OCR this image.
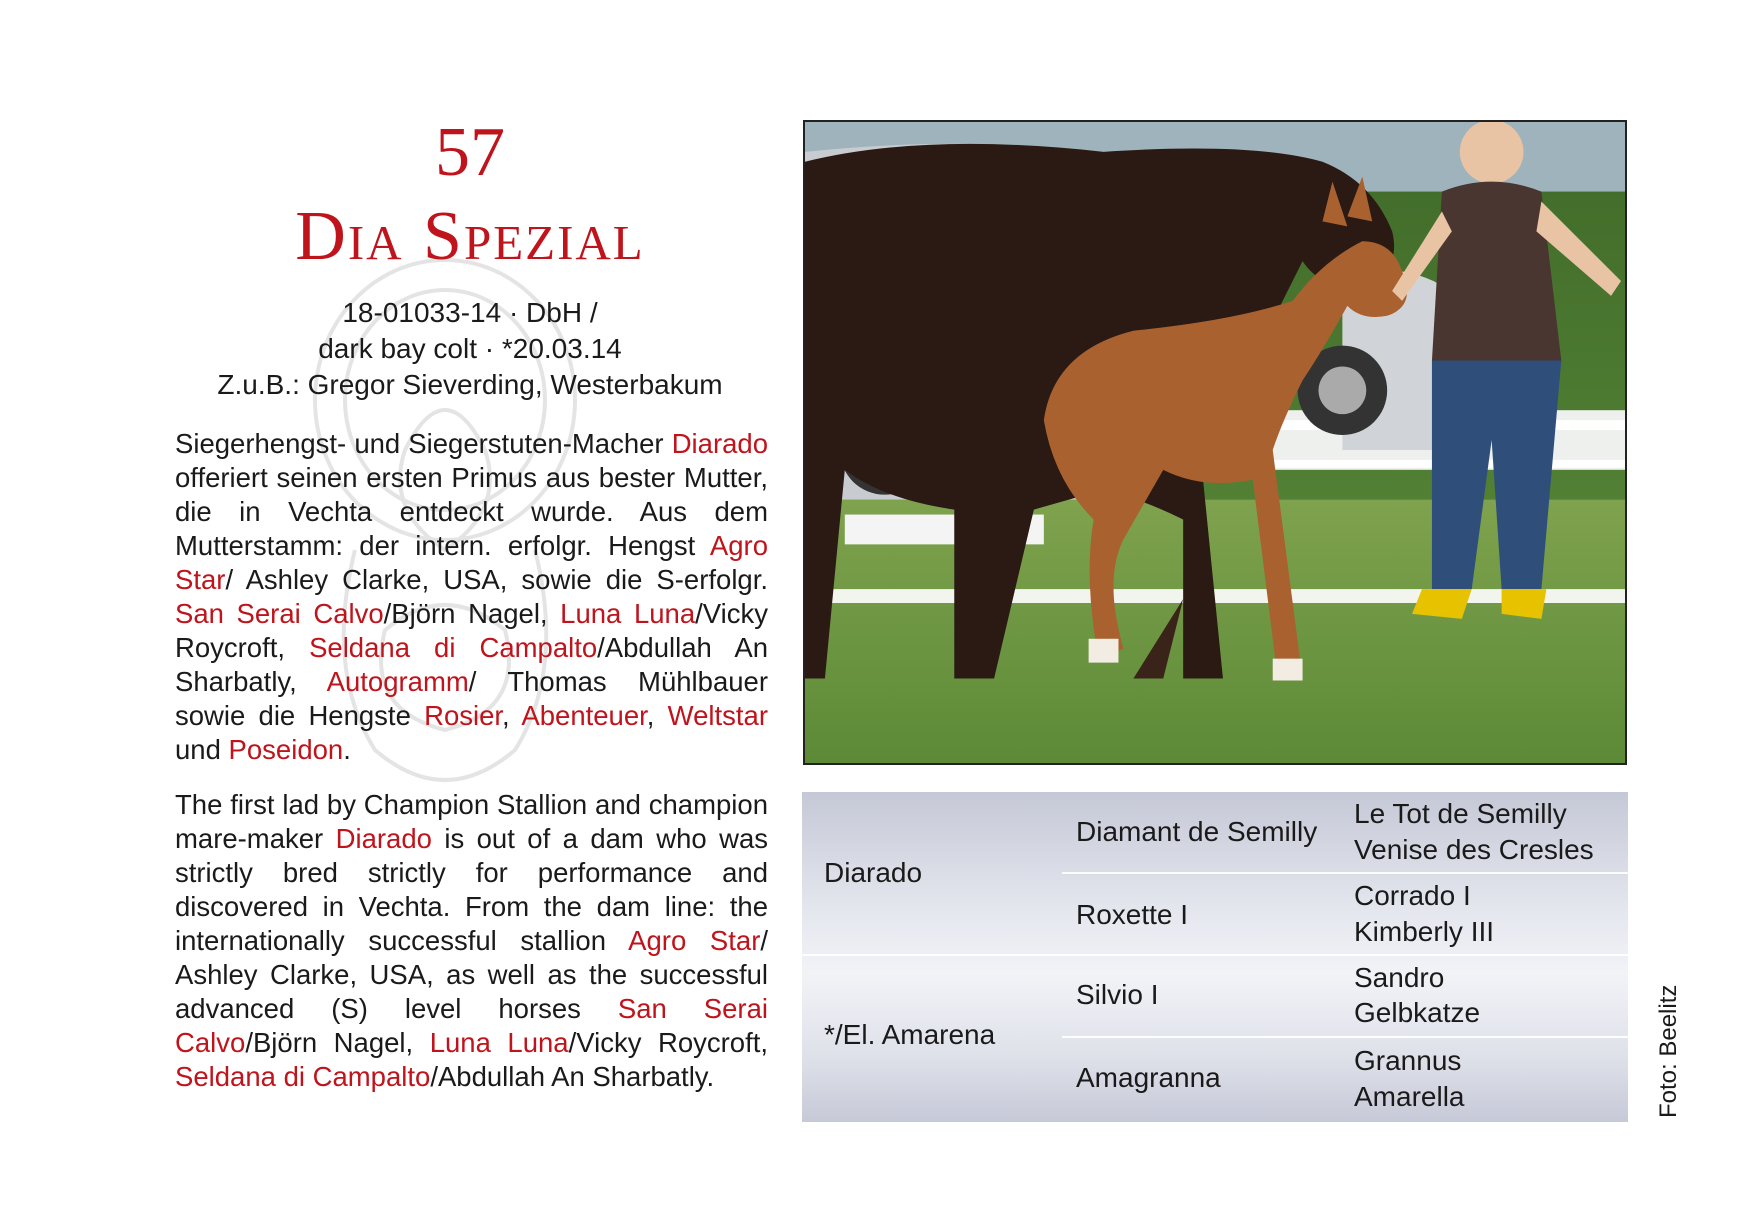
57
Dia Spezial
18-01033-14 · DbH /
dark bay colt · *20.03.14
Z.u.B.: Gregor Sieverding, Westerbakum
Siegerhengst- und Siegerstuten-Macher Diarado offeriert seinen ersten Primus aus bester Mutter, die in Vechta entdeckt wurde. Aus dem Mutterstamm: der intern. erfolgr. Hengst Agro Star/ Ashley Clarke, USA, sowie die S-erfolgr. San Serai Calvo/Björn Nagel, Luna Luna/Vicky Roycroft, Seldana di Campalto/Abdullah An Sharbatly, Autogramm/ Thomas Mühlbauer sowie die Hengste Rosier, Abenteuer, Weltstar und Poseidon.
The first lad by Champion Stallion and champion mare-maker Diarado is out of a dam who was strictly bred strictly for performance and discovered in Vechta. From the dam line: the internationally successful stallion Agro Star/ Ashley Clarke, USA, as well as the successful advanced (S) level horses San Serai Calvo/Björn Nagel, Luna Luna/Vicky Roycroft, Seldana di Campalto/Abdullah An Sharbatly.
Diarado
*/El. Amarena
Diamant de Semilly
Roxette I
Silvio I
Amagranna
Le Tot de Semilly
Venise des Cresles
Corrado I
Kimberly III
Sandro
Gelbkatze
Grannus
Amarella	Foto: Beelitz
